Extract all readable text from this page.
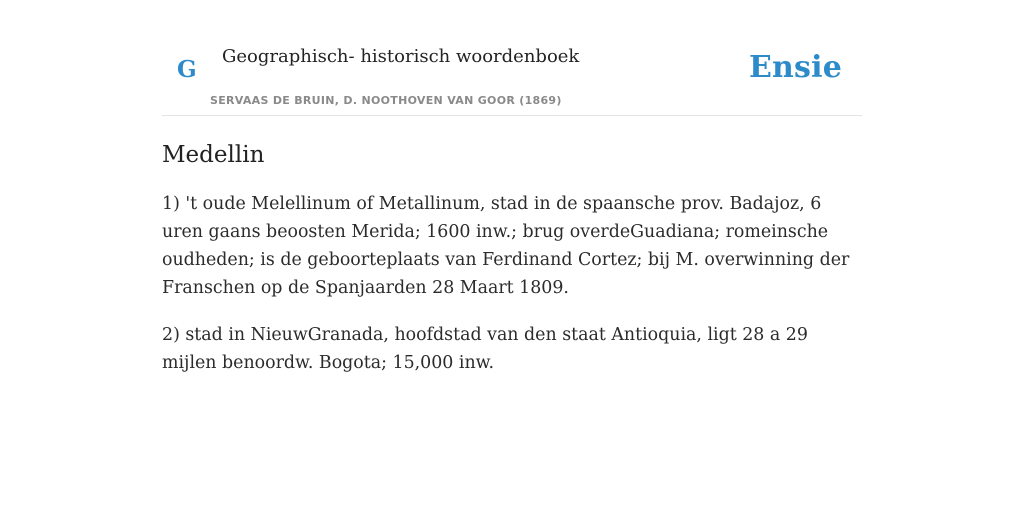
G Geographisch- historisch woordenboek
SERVAAS DE BRUIN, D. NOOTHOVEN VAN GOOR (1869)
Ensie
Medellin

1) 't oude Melellinum of Metallinum, stad in de spaansche prov. Badajoz, 6 uren gaans beoosten Merida; 1600 inw.; brug overdeGuadiana; romeinsche oudheden; is de geboorteplaats van Ferdinand Cortez; bij M. overwinning der Franschen op de Spanjaarden 28 Maart 1809.

2) stad in NieuwGranada, hoofdstad van den staat Antioquia, ligt 28 a 29 mijlen benoordw. Bogota; 15,000 inw.
